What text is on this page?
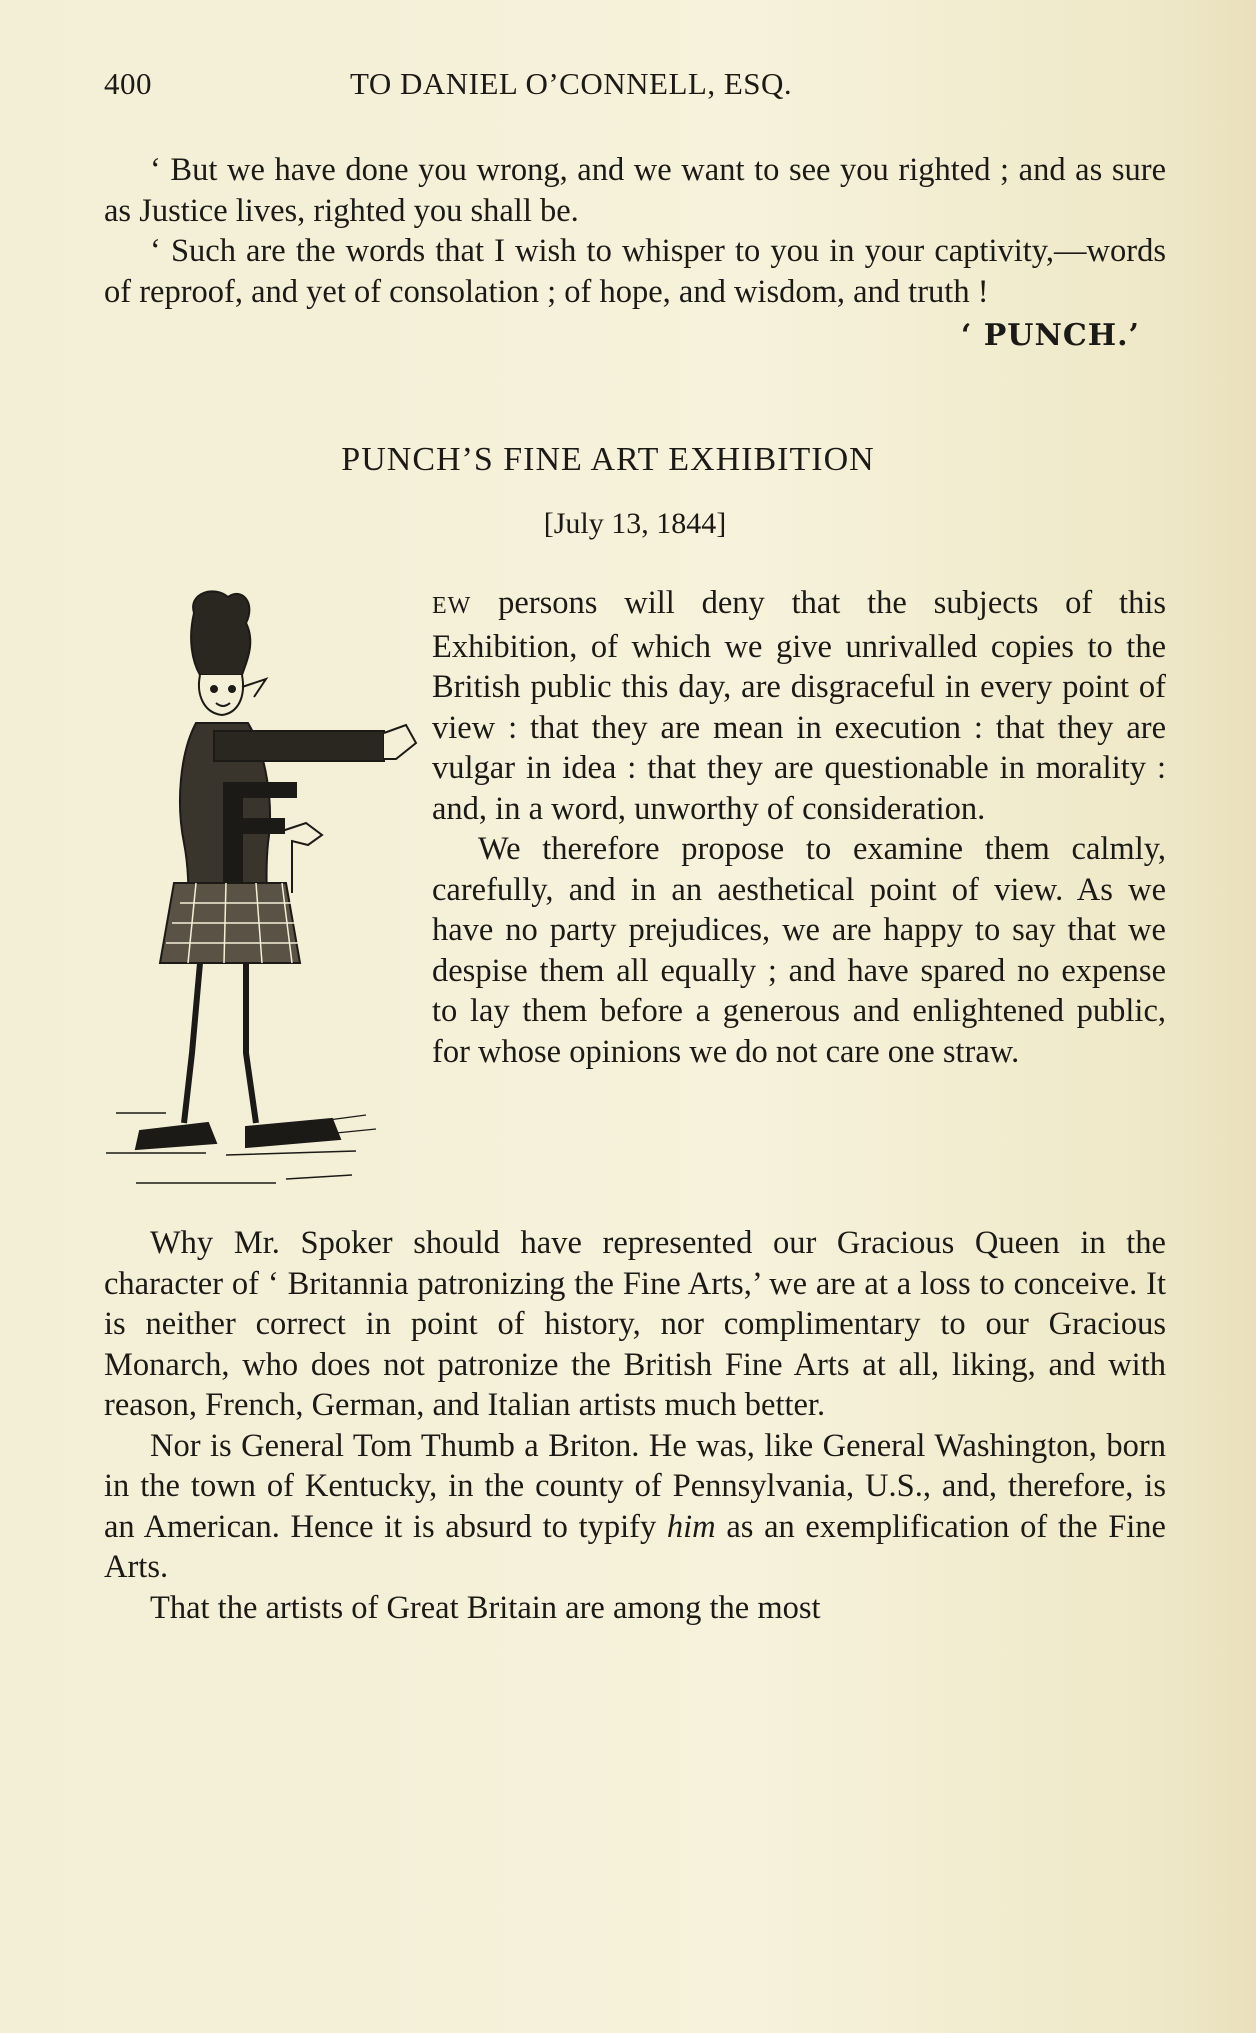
400	TO DANIEL O’CONNELL, ESQ.

‘ But we have done you wrong, and we want to see you righted ; and as sure as Justice lives, righted you shall be.

‘ Such are the words that I wish to whisper to you in your captivity,—words of reproof, and yet of consolation ; of hope, and wisdom, and truth !

‘ PUNCH.’
PUNCH’S FINE ART EXHIBITION
[July 13, 1844]

EW persons will deny that the subjects of this Exhibition, of which we give unrivalled copies to the British public this day, are disgraceful in every point of view : that they are mean in execution : that they are vulgar in idea : that they are questionable in morality : and, in a word, unworthy of consideration.

We therefore propose to examine them calmly, carefully, and in an aesthetical point of view. As we have no party prejudices, we are happy to say that we despise them all equally ; and have spared no expense to lay them before a generous and enlightened public, for whose opinions we do not care one straw.

Why Mr. Spoker should have represented our Gracious Queen in the character of ‘ Britannia patronizing the Fine Arts,’ we are at a loss to conceive. It is neither correct in point of history, nor complimentary to our Gracious Monarch, who does not patronize the British Fine Arts at all, liking, and with reason, French, German, and Italian artists much better.

Nor is General Tom Thumb a Briton. He was, like General Washington, born in the town of Kentucky, in the county of Pennsylvania, U.S., and, therefore, is an American. Hence it is absurd to typify him as an exemplification of the Fine Arts.

That the artists of Great Britain are among the most
